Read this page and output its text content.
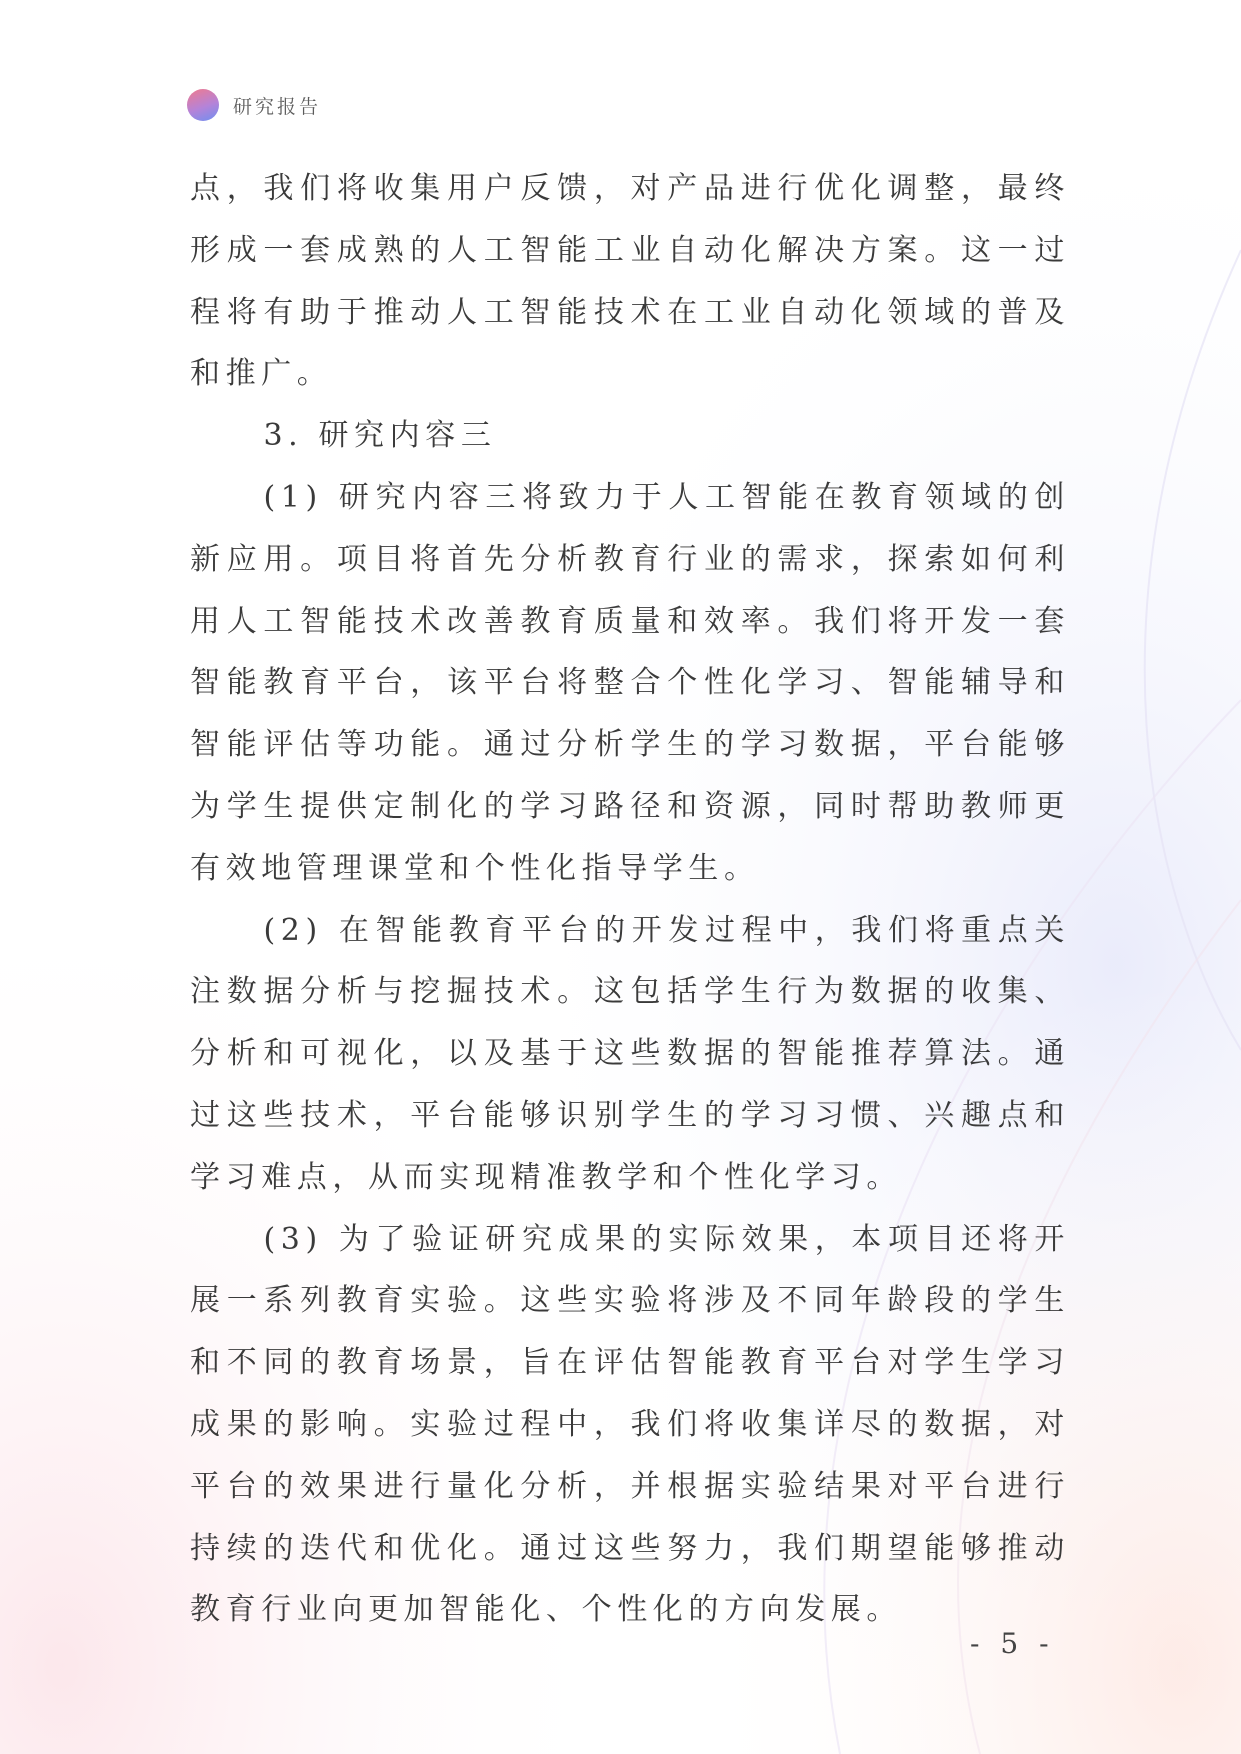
研究报告

点，我们将收集用户反馈，对产品进行优化调整，最终形成一套成熟的人工智能工业自动化解决方案。这一过程将有助于推动人工智能技术在工业自动化领域的普及和推广。

3. 研究内容三

(1) 研究内容三将致力于人工智能在教育领域的创新应用。项目将首先分析教育行业的需求，探索如何利用人工智能技术改善教育质量和效率。我们将开发一套智能教育平台，该平台将整合个性化学习、智能辅导和智能评估等功能。通过分析学生的学习数据，平台能够为学生提供定制化的学习路径和资源，同时帮助教师更有效地管理课堂和个性化指导学生。

(2) 在智能教育平台的开发过程中，我们将重点关注数据分析与挖掘技术。这包括学生行为数据的收集、分析和可视化，以及基于这些数据的智能推荐算法。通过这些技术，平台能够识别学生的学习习惯、兴趣点和学习难点，从而实现精准教学和个性化学习。

(3) 为了验证研究成果的实际效果，本项目还将开展一系列教育实验。这些实验将涉及不同年龄段的学生和不同的教育场景，旨在评估智能教育平台对学生学习成果的影响。实验过程中，我们将收集详尽的数据，对平台的效果进行量化分析，并根据实验结果对平台进行持续的迭代和优化。通过这些努力，我们期望能够推动教育行业向更加智能化、个性化的方向发展。

- 5 -
